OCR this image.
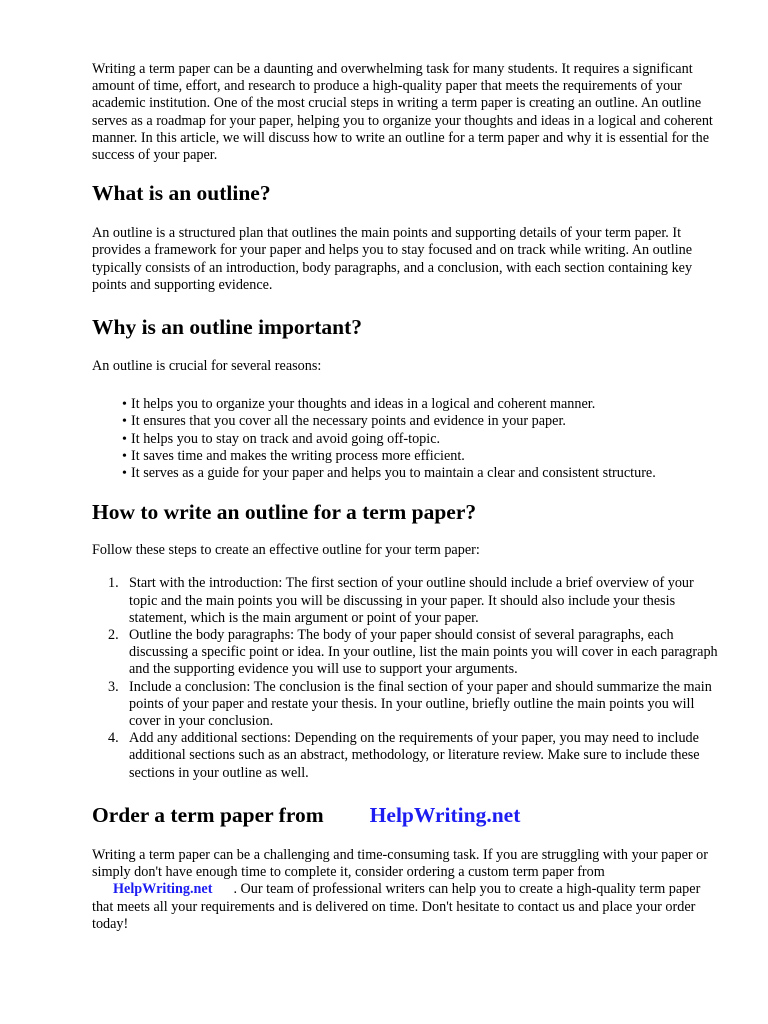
Writing a term paper can be a daunting and overwhelming task for many students. It requires a significant amount of time, effort, and research to produce a high-quality paper that meets the requirements of your academic institution. One of the most crucial steps in writing a term paper is creating an outline. An outline serves as a roadmap for your paper, helping you to organize your thoughts and ideas in a logical and coherent manner. In this article, we will discuss how to write an outline for a term paper and why it is essential for the success of your paper.

What is an outline?

An outline is a structured plan that outlines the main points and supporting details of your term paper. It provides a framework for your paper and helps you to stay focused and on track while writing. An outline typically consists of an introduction, body paragraphs, and a conclusion, with each section containing key points and supporting evidence.

Why is an outline important?

An outline is crucial for several reasons:

• It helps you to organize your thoughts and ideas in a logical and coherent manner.
• It ensures that you cover all the necessary points and evidence in your paper.
• It helps you to stay on track and avoid going off-topic.
• It saves time and makes the writing process more efficient.
• It serves as a guide for your paper and helps you to maintain a clear and consistent structure.
How to write an outline for a term paper?

Follow these steps to create an effective outline for your term paper:

1. Start with the introduction: The first section of your outline should include a brief overview of your topic and the main points you will be discussing in your paper. It should also include your thesis statement, which is the main argument or point of your paper.
2. Outline the body paragraphs: The body of your paper should consist of several paragraphs, each discussing a specific point or idea. In your outline, list the main points you will cover in each paragraph and the supporting evidence you will use to support your arguments.
3. Include a conclusion: The conclusion is the final section of your paper and should summarize the main points of your paper and restate your thesis. In your outline, briefly outline the main points you will cover in your conclusion.
4. Add any additional sections: Depending on the requirements of your paper, you may need to include additional sections such as an abstract, methodology, or literature review. Make sure to include these sections in your outline as well.
Order a term paper from HelpWriting.net

Writing a term paper can be a challenging and time-consuming task. If you are struggling with your paper or simply don't have enough time to complete it, consider ordering a custom term paper from HelpWriting.net . Our team of professional writers can help you to create a high-quality term paper that meets all your requirements and is delivered on time. Don't hesitate to contact us and place your order today!
